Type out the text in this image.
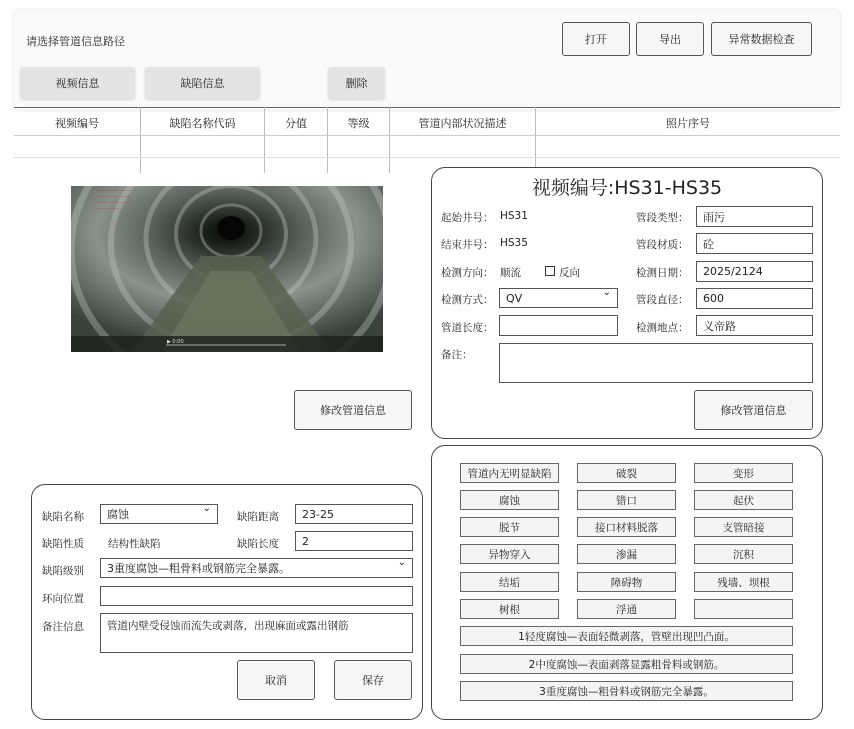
请选择管道信息路径	打开	导出	异常数据检查
视频信息	缺陷信息	删除
视频编号	缺陷名称代码	分值	等级	管道内部状况描述	照片序号
—— —— ——
—— —— ——
—— —— ——
—— ——
▶ 0:00
修改管道信息
视频编号:HS31-HS35
起始井号： HS31
结束井号： HS35
检测方向： 顺流	反向
检测方式：	QV ⌄
管道长度：
备注：
管段类型：	雨污
管段材质：	砼
检测日期：	2025/2124
管段直径：	600
检测地点：	义帝路
修改管道信息
缺陷名称	腐蚀 ⌄	缺陷距离	23-25
缺陷性质 结构性缺陷	缺陷长度	2
缺陷级别	3重度腐蚀—粗骨料或钢筋完全暴露。 ⌄
环向位置
备注信息	管道内壁受侵蚀而流失或剥落，出现麻面或露出钢筋
取消	保存
管道内无明显缺陷	破裂	变形
腐蚀	错口	起伏
脱节	接口材料脱落	支管暗接
异物穿入	渗漏	沉积
结垢	障碍物	残墙、坝根
树根	浮通
1轻度腐蚀—表面轻微剥落，管壁出现凹凸面。
2中度腐蚀—表面剥落显露粗骨料或钢筋。
3重度腐蚀—粗骨料或钢筋完全暴露。
